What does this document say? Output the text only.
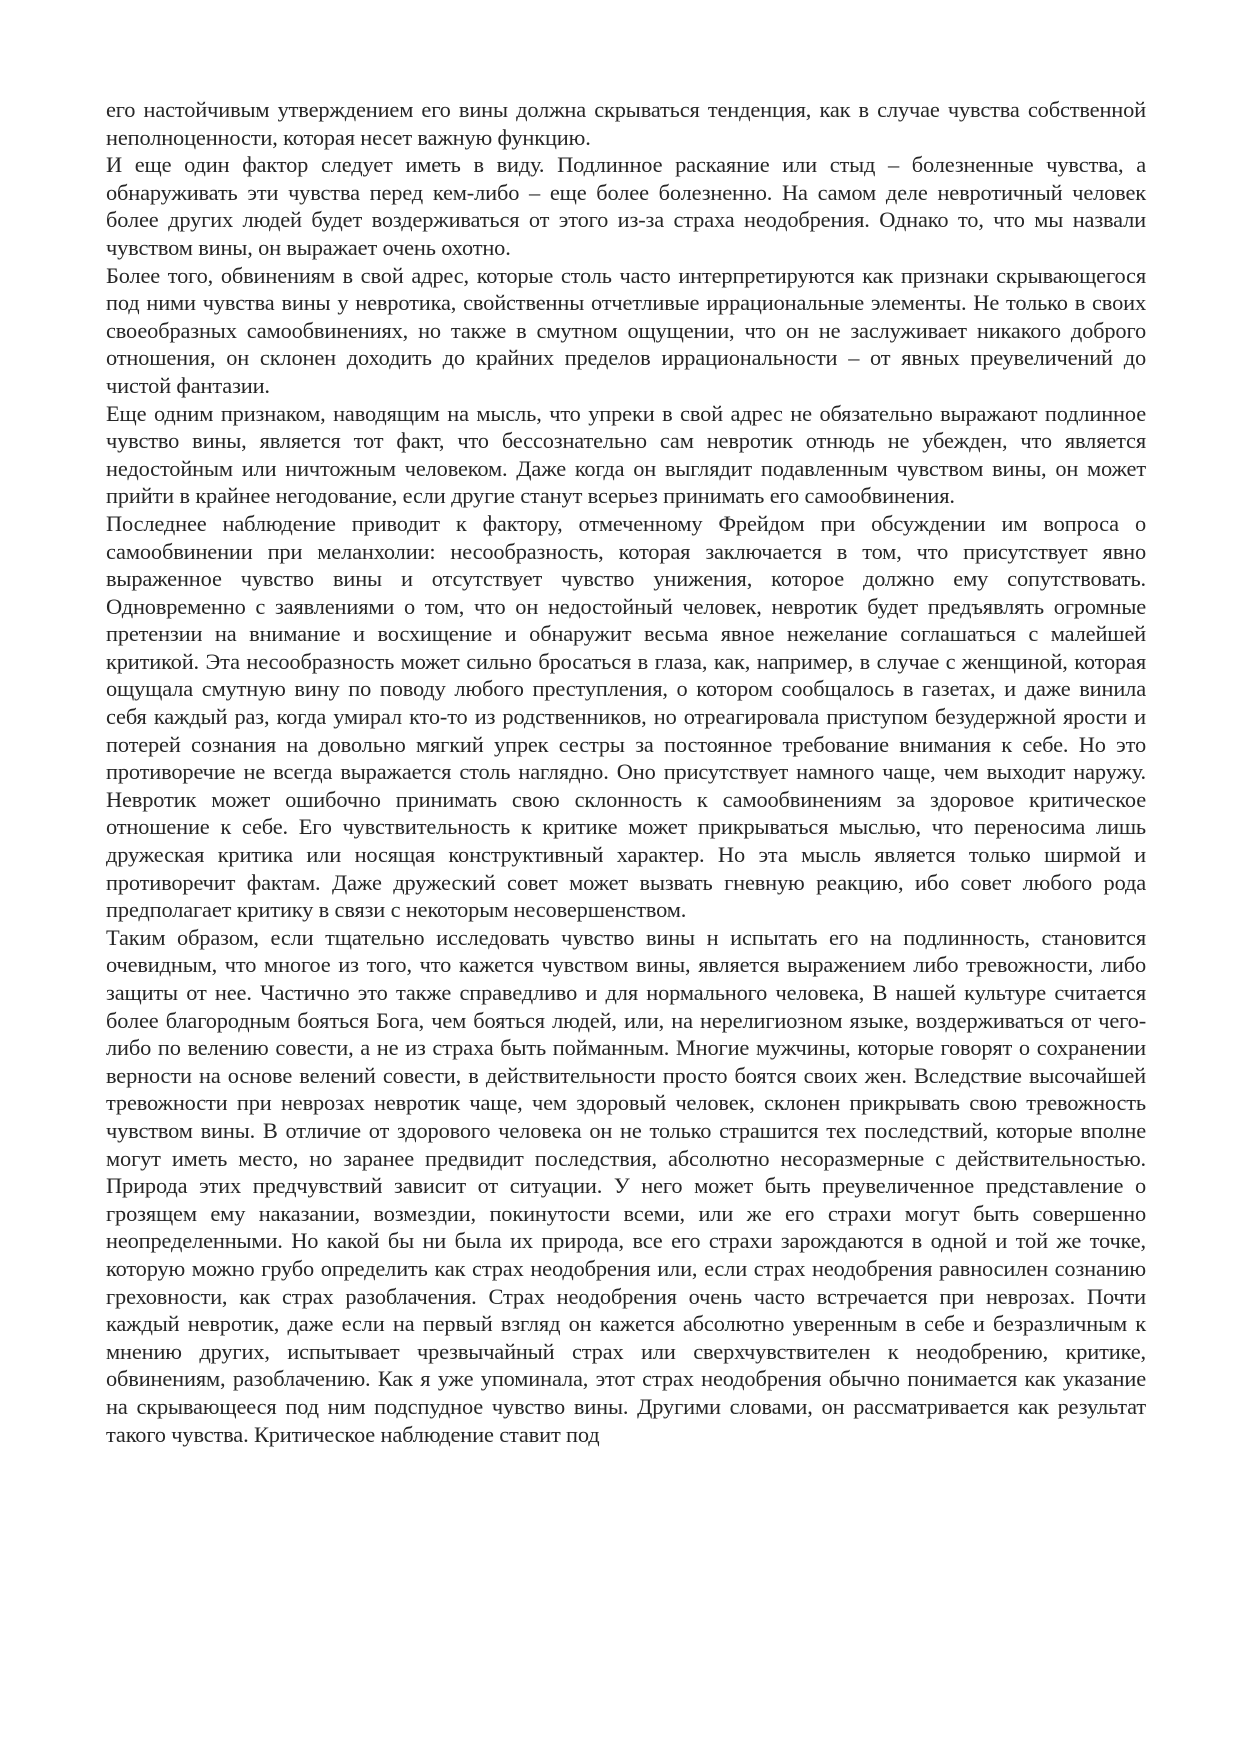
его настойчивым утверждением его вины должна скрываться тенденция, как в случае чувства собственной неполноценности, которая несет важную функцию.

И еще один фактор следует иметь в виду. Подлинное раскаяние или стыд – болезненные чувства, а обнаруживать эти чувства перед кем-либо – еще более болезненно. На самом деле невротичный человек более других людей будет воздерживаться от этого из-за страха неодобрения. Однако то, что мы назвали чувством вины, он выражает очень охотно.

Более того, обвинениям в свой адрес, которые столь часто интерпретируются как признаки скрывающегося под ними чувства вины у невротика, свойственны отчетливые иррациональные элементы. Не только в своих своеобразных самообвинениях, но также в смутном ощущении, что он не заслуживает никакого доброго отношения, он склонен доходить до крайних пределов иррациональности – от явных преувеличений до чистой фантазии.

Еще одним признаком, наводящим на мысль, что упреки в свой адрес не обязательно выражают подлинное чувство вины, является тот факт, что бессознательно сам невротик отнюдь не убежден, что является недостойным или ничтожным человеком. Даже когда он выглядит подавленным чувством вины, он может прийти в крайнее негодование, если другие станут всерьез принимать его самообвинения.

Последнее наблюдение приводит к фактору, отмеченному Фрейдом при обсуждении им вопроса о самообвинении при меланхолии: несообразность, которая заключается в том, что присутствует явно выраженное чувство вины и отсутствует чувство унижения, которое должно ему сопутствовать. Одновременно с заявлениями о том, что он недостойный человек, невротик будет предъявлять огромные претензии на внимание и восхищение и обнаружит весьма явное нежелание соглашаться с малейшей критикой. Эта несообразность может сильно бросаться в глаза, как, например, в случае с женщиной, которая ощущала смутную вину по поводу любого преступления, о котором сообщалось в газетах, и даже винила себя каждый раз, когда умирал кто-то из родственников, но отреагировала приступом безудержной ярости и потерей сознания на довольно мягкий упрек сестры за постоянное требование внимания к себе. Но это противоречие не всегда выражается столь наглядно. Оно присутствует намного чаще, чем выходит наружу. Невротик может ошибочно принимать свою склонность к самообвинениям за здоровое критическое отношение к себе. Его чувствительность к критике может прикрываться мыслью, что переносима лишь дружеская критика или носящая конструктивный характер. Но эта мысль является только ширмой и противоречит фактам. Даже дружеский совет может вызвать гневную реакцию, ибо совет любого рода предполагает критику в связи с некоторым несовершенством.

Таким образом, если тщательно исследовать чувство вины н испытать его на подлинность, становится очевидным, что многое из того, что кажется чувством вины, является выражением либо тревожности, либо защиты от нее. Частично это также справедливо и для нормального человека, В нашей культуре считается более благородным бояться Бога, чем бояться людей, или, на нерелигиозном языке, воздерживаться от чего-либо по велению совести, а не из страха быть пойманным. Многие мужчины, которые говорят о сохранении верности на основе велений совести, в действительности просто боятся своих жен. Вследствие высочайшей тревожности при неврозах невротик чаще, чем здоровый человек, склонен прикрывать свою тревожность чувством вины. В отличие от здорового человека он не только страшится тех последствий, которые вполне могут иметь место, но заранее предвидит последствия, абсолютно несоразмерные с действительностью. Природа этих предчувствий зависит от ситуации. У него может быть преувеличенное представление о грозящем ему наказании, возмездии, покинутости всеми, или же его страхи могут быть совершенно неопределенными. Но какой бы ни была их природа, все его страхи зарождаются в одной и той же точке, которую можно грубо определить как страх неодобрения или, если страх неодобрения равносилен сознанию греховности, как страх разоблачения. Страх неодобрения очень часто встречается при неврозах. Почти каждый невротик, даже если на первый взгляд он кажется абсолютно уверенным в себе и безразличным к мнению других, испытывает чрезвычайный страх или сверхчувствителен к неодобрению, критике, обвинениям, разоблачению. Как я уже упоминала, этот страх неодобрения обычно понимается как указание на скрывающееся под ним подспудное чувство вины. Другими словами, он рассматривается как результат такого чувства. Критическое наблюдение ставит под
